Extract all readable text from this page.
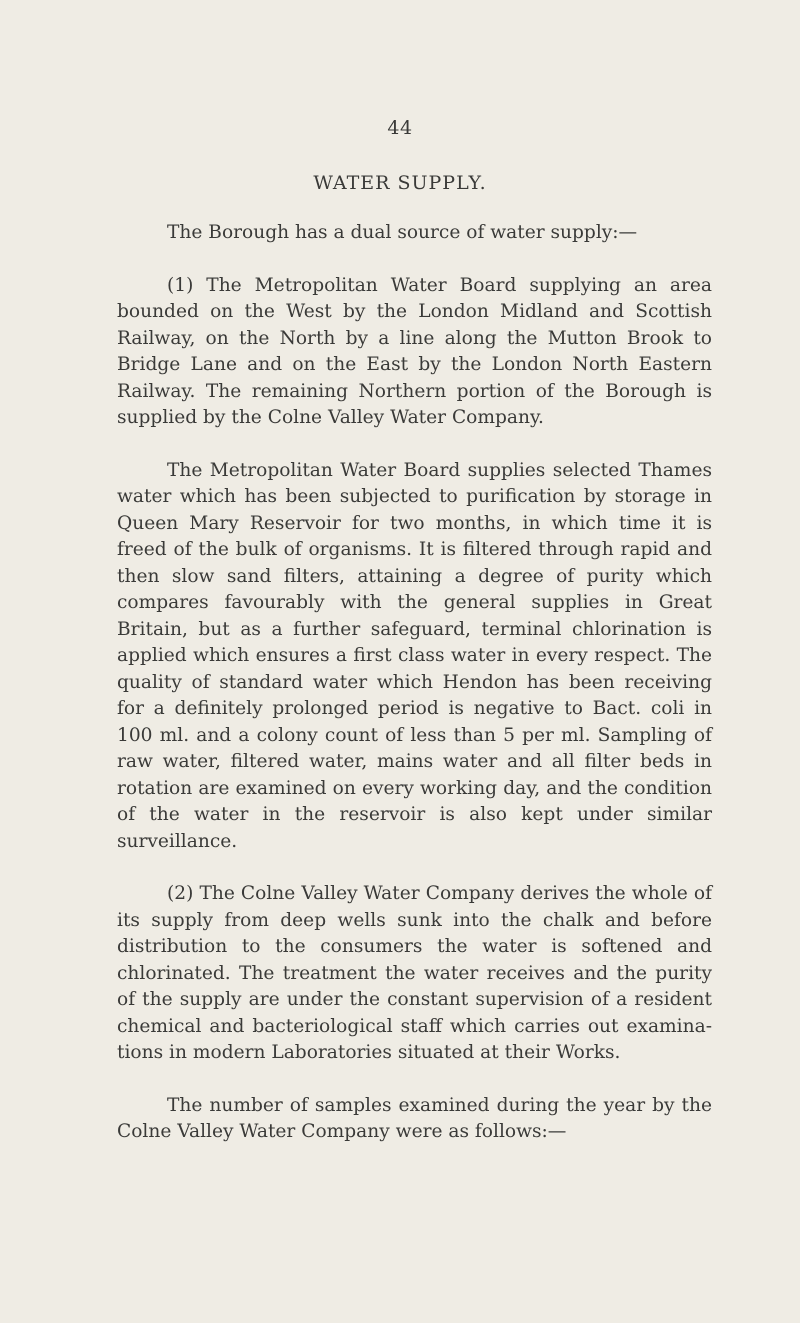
44
WATER SUPPLY.

The Borough has a dual source of water supply:—

(1) The Metropolitan Water Board supplying an area bounded on the West by the London Midland and Scottish Railway, on the North by a line along the Mutton Brook to Bridge Lane and on the East by the London North Eastern Railway. The remaining Northern portion of the Borough is supplied by the Colne Valley Water Company.

The Metropolitan Water Board supplies selected Thames water which has been subjected to purification by storage in Queen Mary Reservoir for two months, in which time it is freed of the bulk of organisms. It is filtered through rapid and then slow sand filters, attaining a degree of purity which compares favourably with the general supplies in Great Britain, but as a further safeguard, terminal chlorination is applied which ensures a first class water in every respect. The quality of standard water which Hendon has been receiving for a definitely prolonged period is negative to Bact. coli in 100 ml. and a colony count of less than 5 per ml. Sampling of raw water, filtered water, mains water and all filter beds in rotation are examined on every working day, and the condition of the water in the reservoir is also kept under similar surveillance.

(2) The Colne Valley Water Company derives the whole of its supply from deep wells sunk into the chalk and before distribution to the consumers the water is softened and chlorinated. The treatment the water receives and the purity of the supply are under the constant supervision of a resident chemical and bacteriological staff which carries out examinations in modern Laboratories situated at their Works.

The number of samples examined during the year by the Colne Valley Water Company were as follows:—
